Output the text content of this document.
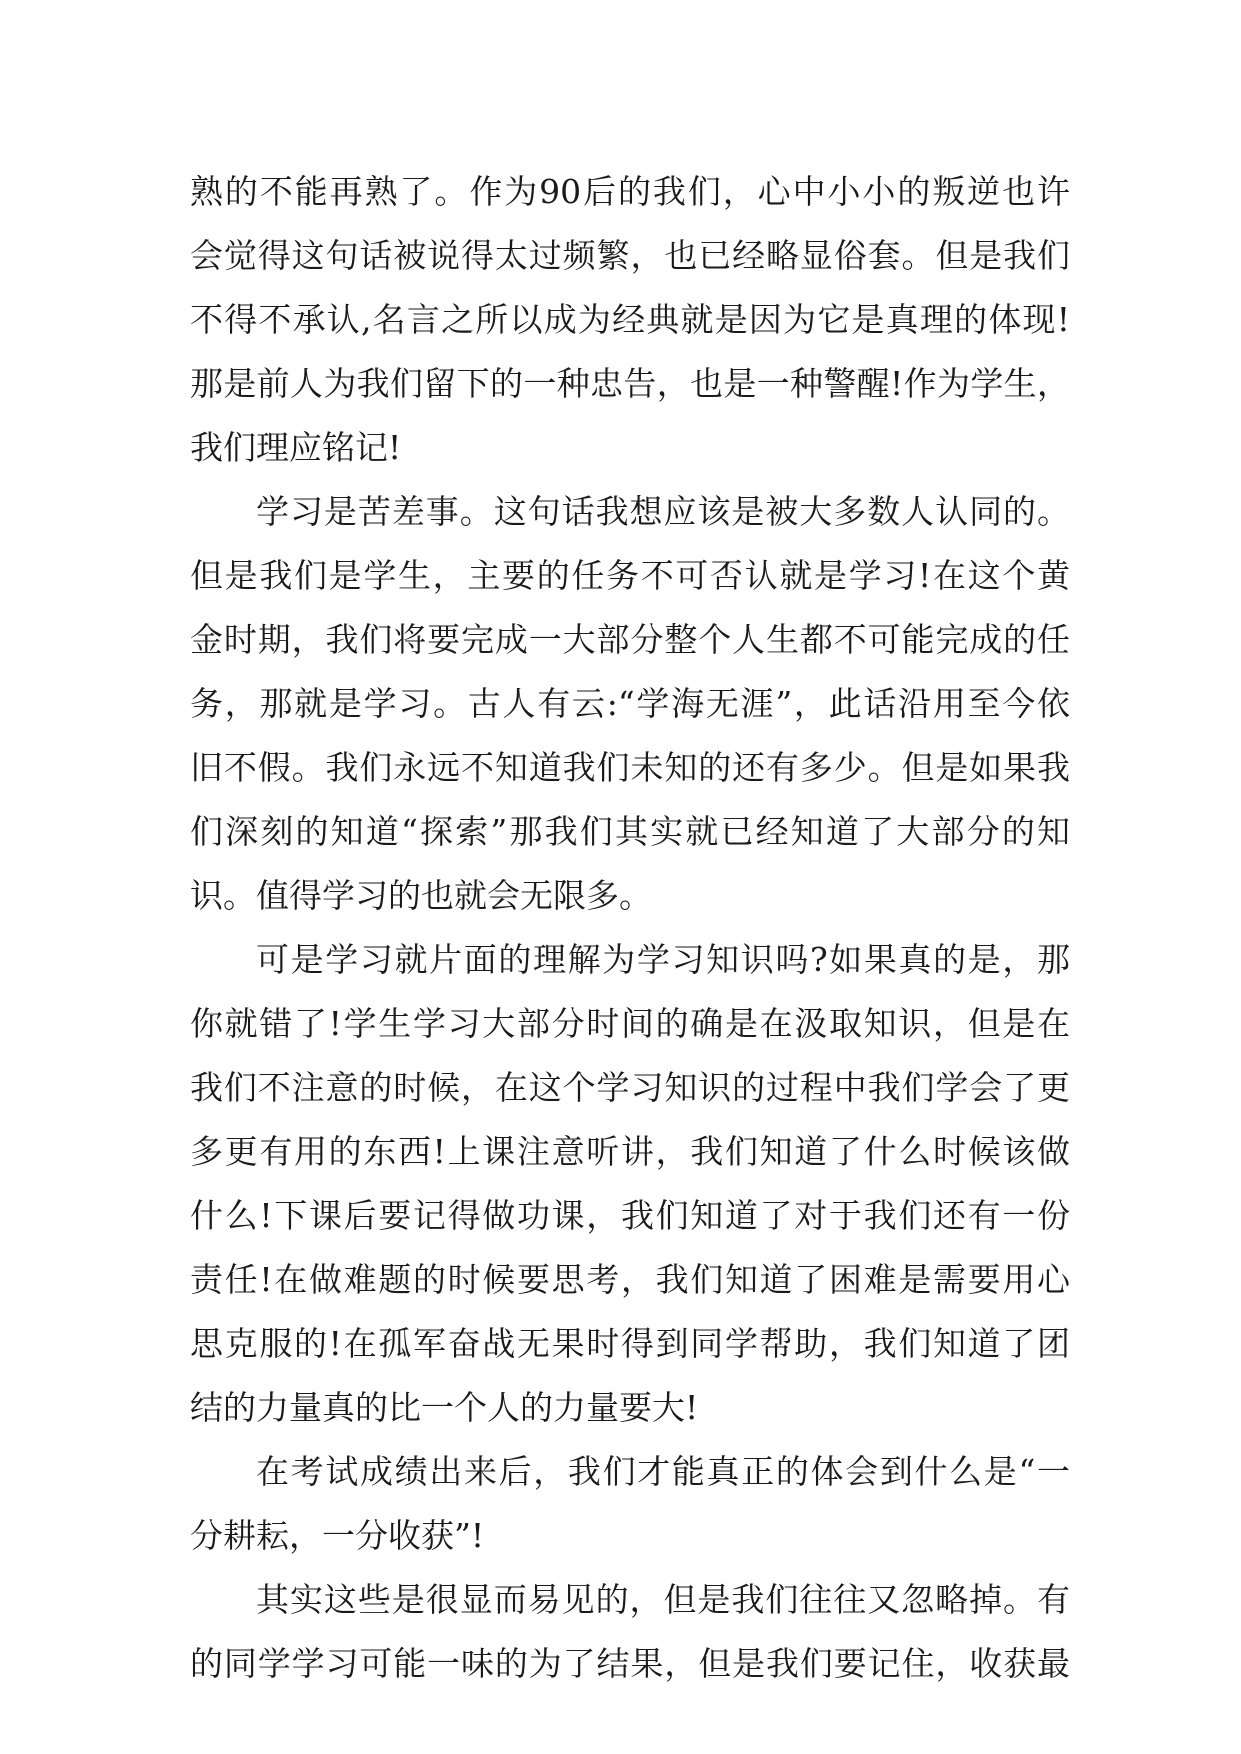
熟的不能再熟了。作为90后的我们，心中小小的叛逆也许
会觉得这句话被说得太过频繁，也已经略显俗套。但是我们
不得不承认,名言之所以成为经典就是因为它是真理的体现!
那是前人为我们留下的一种忠告，也是一种警醒!作为学生，
我们理应铭记!
学习是苦差事。这句话我想应该是被大多数人认同的。
但是我们是学生，主要的任务不可否认就是学习!在这个黄
金时期，我们将要完成一大部分整个人生都不可能完成的任
务，那就是学习。古人有云:“学海无涯”，此话沿用至今依
旧不假。我们永远不知道我们未知的还有多少。但是如果我
们深刻的知道“探索”那我们其实就已经知道了大部分的知
识。值得学习的也就会无限多。
可是学习就片面的理解为学习知识吗?如果真的是，那
你就错了!学生学习大部分时间的确是在汲取知识，但是在
我们不注意的时候，在这个学习知识的过程中我们学会了更
多更有用的东西!上课注意听讲，我们知道了什么时候该做
什么!下课后要记得做功课，我们知道了对于我们还有一份
责任!在做难题的时候要思考，我们知道了困难是需要用心
思克服的!在孤军奋战无果时得到同学帮助，我们知道了团
结的力量真的比一个人的力量要大!
在考试成绩出来后，我们才能真正的体会到什么是“一
分耕耘，一分收获”!
其实这些是很显而易见的，但是我们往往又忽略掉。有
的同学学习可能一味的为了结果，但是我们要记住，收获最
